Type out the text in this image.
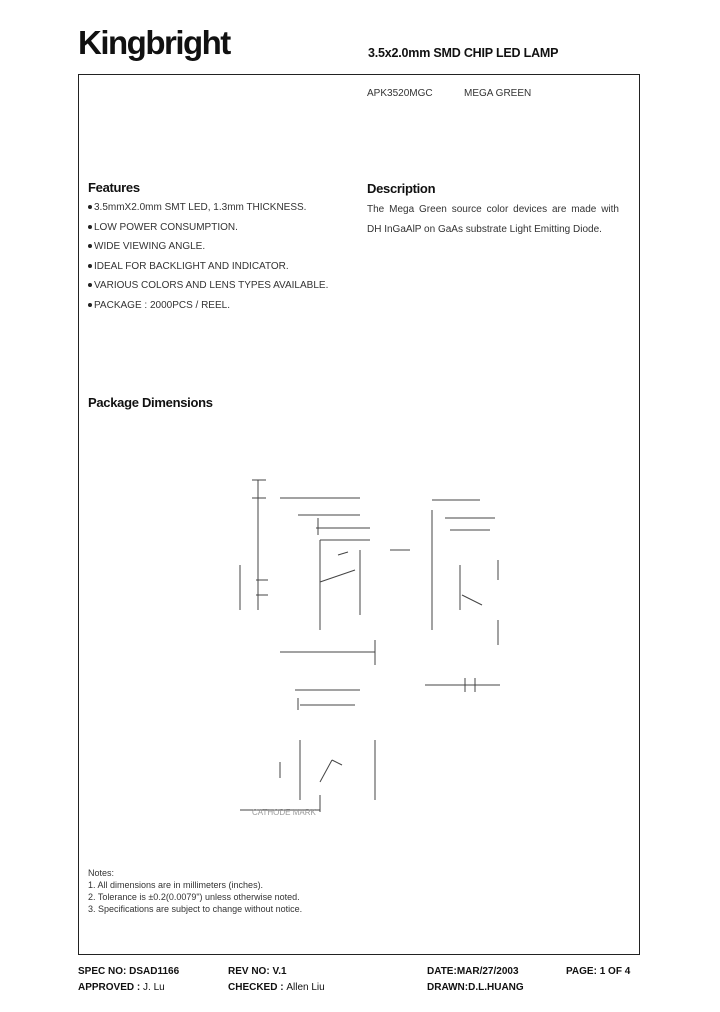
Kingbright	3.5x2.0mm SMD CHIP LED LAMP
APK3520MGC	MEGA GREEN
Features
3.5mmX2.0mm SMT LED, 1.3mm THICKNESS.
LOW POWER CONSUMPTION.
WIDE VIEWING ANGLE.
IDEAL FOR BACKLIGHT AND INDICATOR.
VARIOUS COLORS AND LENS TYPES AVAILABLE.
PACKAGE : 2000PCS / REEL.
Description
The Mega Green source color devices are made with DH InGaAlP on GaAs substrate Light Emitting Diode.
Package Dimensions
CATHODE MARK
Notes:
1. All dimensions are in millimeters (inches).
2. Tolerance is ±0.2(0.0079") unless otherwise noted.
3. Specifications are subject to change without notice.
SPEC NO: DSAD1166	REV NO: V.1	DATE:MAR/27/2003	PAGE: 1 OF 4
APPROVED : J. Lu	CHECKED : Allen Liu	DRAWN:D.L.HUANG
